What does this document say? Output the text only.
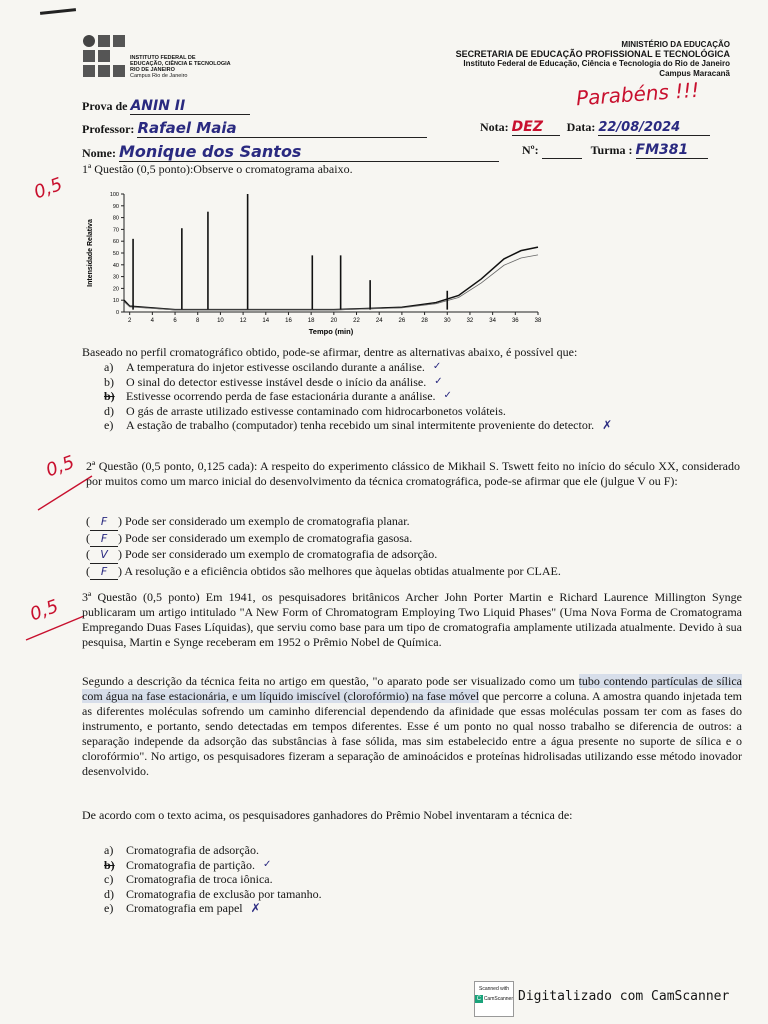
INSTITUTO FEDERAL DE
EDUCAÇÃO, CIÊNCIA E TECNOLOGIA
RIO DE JANEIRO
Campus Rio de Janeiro
MINISTÉRIO DA EDUCAÇÃO
SECRETARIA DE EDUCAÇÃO PROFISSIONAL E TECNOLÓGICA
Instituto Federal de Educação, Ciência e Tecnologia do Rio de Janeiro
Campus Maracanã
Parabéns !!!
Prova de ANIN II
Professor: Rafael Maia	Nota: DEZ Data: 22/08/2024
Nome: Monique dos Santos	Nº:	Turma : FM381
0,5
1ª Questão (0,5 ponto):Observe o cromatograma abaixo.
0
10
20
30
40
50
60
70
80
90
100
2	4	6	8	10	12	14	16	18	20	22	24	26	28	30	32	34	36	38
Tempo (min)
Intensidade Relativa
Baseado no perfil cromatográfico obtido, pode-se afirmar, dentre as alternativas abaixo, é possível que:
a)	A temperatura do injetor estivesse oscilando durante a análise. ✓
b)	O sinal do detector estivesse instável desde o início da análise. ✓
b) Estivesse ocorrendo perda de fase estacionária durante a análise. ✓
d)	O gás de arraste utilizado estivesse contaminado com hidrocarbonetos voláteis.
e)	A estação de trabalho (computador) tenha recebido um sinal intermitente proveniente do detector. ✗
0,5 2ª Questão (0,5 ponto, 0,125 cada): A respeito do experimento clássico de Mikhail S. Tswett feito no início do século XX, considerado por muitos como um marco inicial do desenvolvimento da técnica cromatográfica, pode-se afirmar que ele (julgue V ou F):
( F ) Pode ser considerado um exemplo de cromatografia planar.
( F ) Pode ser considerado um exemplo de cromatografia gasosa.
( V ) Pode ser considerado um exemplo de cromatografia de adsorção.
( F ) A resolução e a eficiência obtidos são melhores que àquelas obtidas atualmente por CLAE.
0,5 3ª Questão (0,5 ponto) Em 1941, os pesquisadores britânicos Archer John Porter Martin e Richard Laurence Millington Synge publicaram um artigo intitulado "A New Form of Chromatogram Employing Two Liquid Phases" (Uma Nova Forma de Cromatograma Empregando Duas Fases Líquidas), que serviu como base para um tipo de cromatografia amplamente utilizada atualmente. Devido à sua pesquisa, Martin e Synge receberam em 1952 o Prêmio Nobel de Química.
Segundo a descrição da técnica feita no artigo em questão, "o aparato pode ser visualizado como um tubo contendo partículas de sílica com água na fase estacionária, e um líquido imiscível (clorofórmio) na fase móvel que percorre a coluna. A amostra quando injetada tem as diferentes moléculas sofrendo um caminho diferencial dependendo da afinidade que essas moléculas possam ter com as fases do instrumento, e portanto, sendo detectadas em tempos diferentes. Esse é um ponto no qual nosso trabalho se diferencia de outros: a separação independe da adsorção das substâncias à fase sólida, mas sim estabelecido entre a água presente no suporte de sílica e o clorofórmio". No artigo, os pesquisadores fizeram a separação de aminoácidos e proteínas hidrolisadas utilizando esse método inovador desenvolvido.
De acordo com o texto acima, os pesquisadores ganhadores do Prêmio Nobel inventaram a técnica de:
a)	Cromatografia de adsorção.
b) Cromatografia de partição. ✓
c)	Cromatografia de troca iônica.
d)	Cromatografia de exclusão por tamanho.
e)	Cromatografia em papel ✗
Scanned with
C CamScanner Digitalizado com CamScanner
